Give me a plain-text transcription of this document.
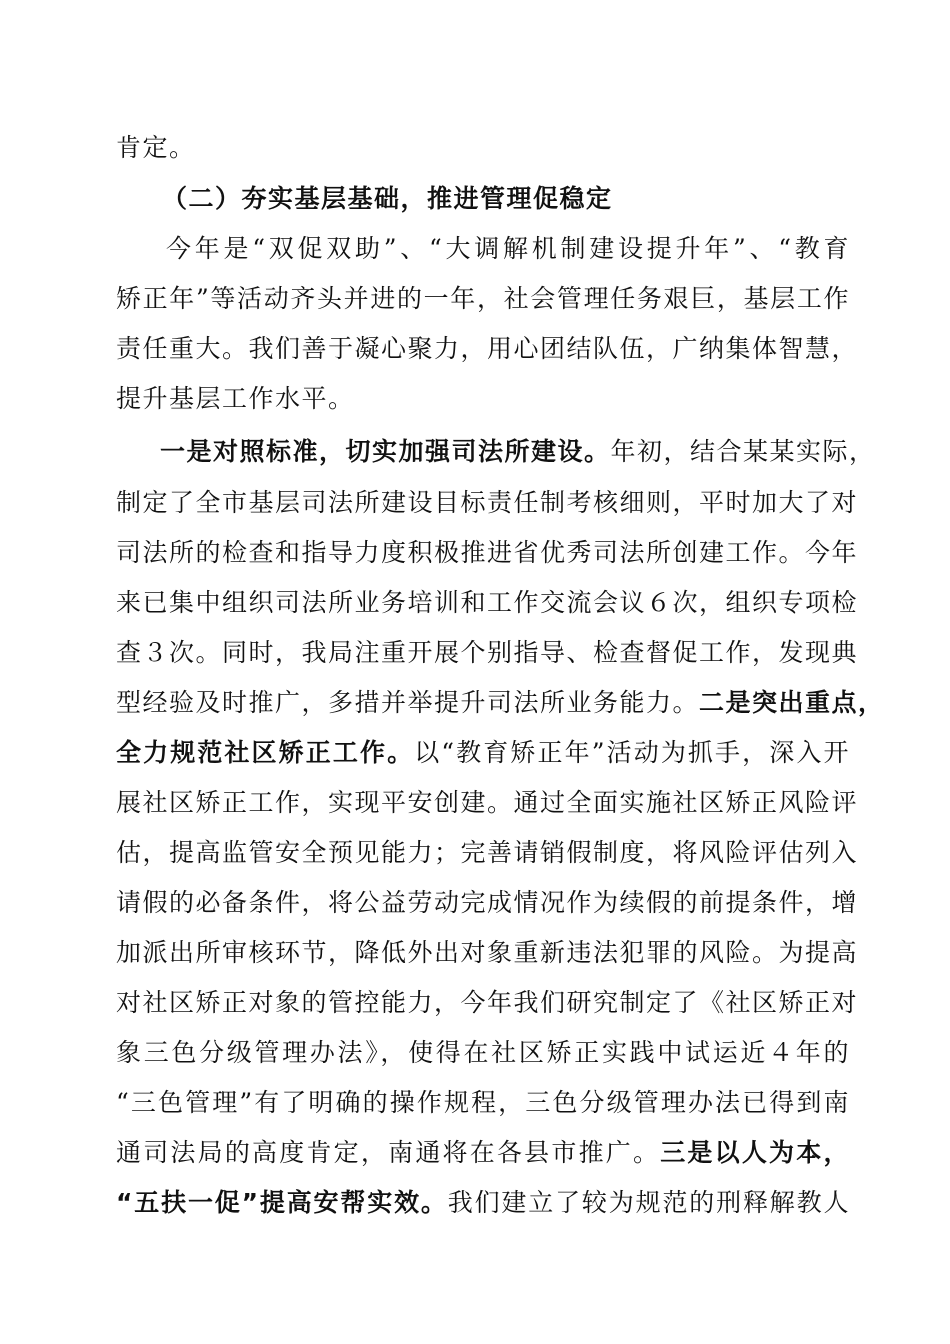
肯定。
（二）夯实基层基础，推进管理促稳定
今年是“双促双助”、“大调解机制建设提升年”、“教育
矫正年”等活动齐头并进的一年，社会管理任务艰巨，基层工作
责任重大。我们善于凝心聚力，用心团结队伍，广纳集体智慧，
提升基层工作水平。
一是对照标准，切实加强司法所建设。年初，结合某某实际，
制定了全市基层司法所建设目标责任制考核细则，平时加大了对
司法所的检查和指导力度积极推进省优秀司法所创建工作。今年
来已集中组织司法所业务培训和工作交流会议６次，组织专项检
查３次。同时，我局注重开展个别指导、检查督促工作，发现典
型经验及时推广，多措并举提升司法所业务能力。二是突出重点，
全力规范社区矫正工作。以“教育矫正年”活动为抓手，深入开
展社区矫正工作，实现平安创建。通过全面实施社区矫正风险评
估，提高监管安全预见能力；完善请销假制度，将风险评估列入
请假的必备条件，将公益劳动完成情况作为续假的前提条件，增
加派出所审核环节，降低外出对象重新违法犯罪的风险。为提高
对社区矫正对象的管控能力，今年我们研究制定了《社区矫正对
象三色分级管理办法》，使得在社区矫正实践中试运近４年的
“三色管理”有了明确的操作规程，三色分级管理办法已得到南
通司法局的高度肯定，南通将在各县市推广。三是以人为本，
“五扶一促”提高安帮实效。我们建立了较为规范的刑释解教人
